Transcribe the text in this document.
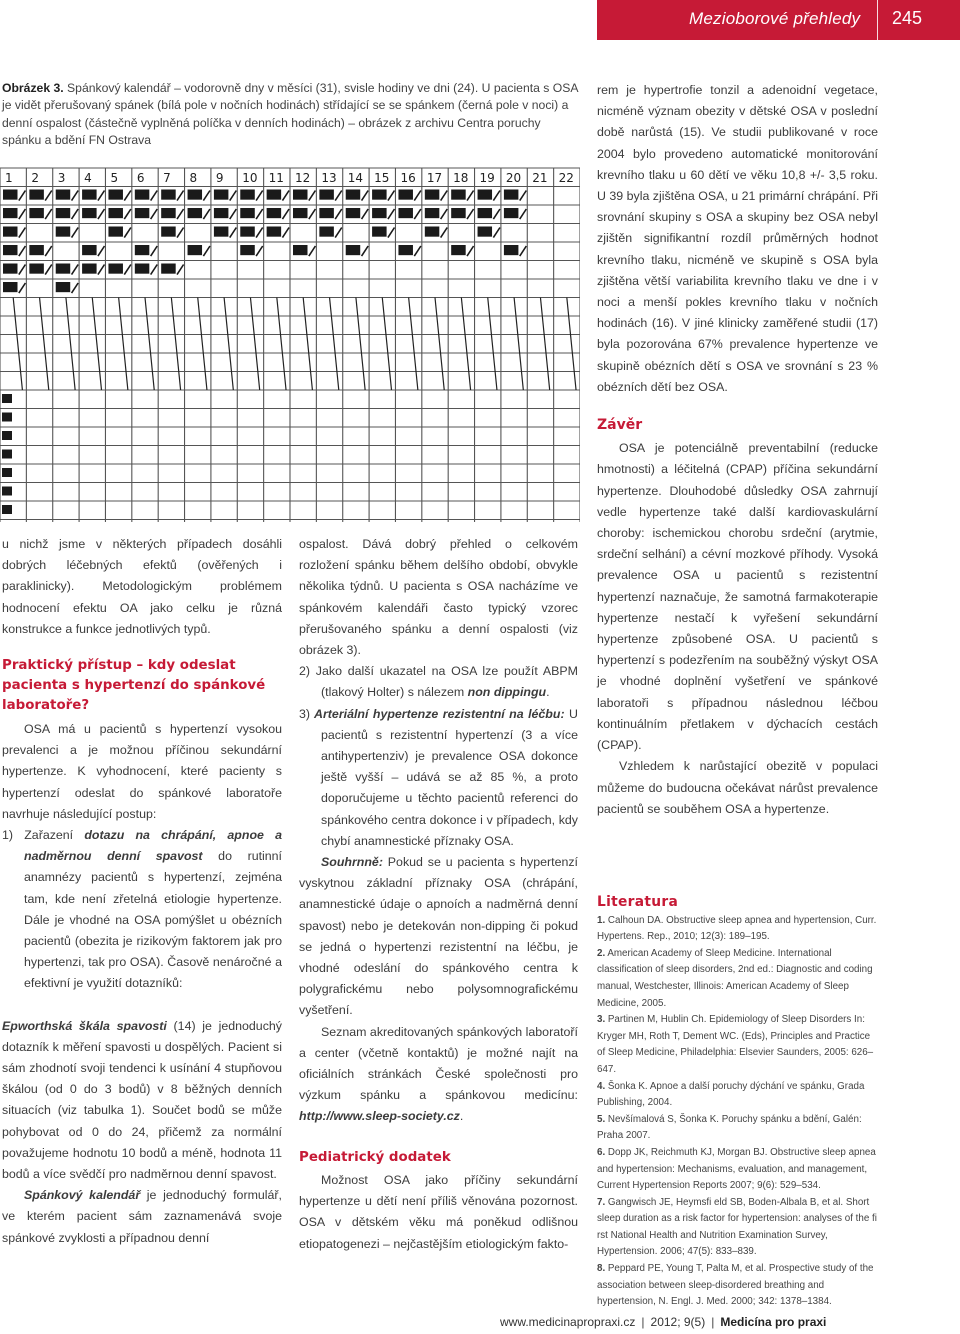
Mezioborové přehledy	245
Obrázek 3. Spánkový kalendář – vodorovně dny v měsíci (31), svisle hodiny ve dni (24). U pacienta s OSA je vidět přerušovaný spánek (bílá pole v nočních hodinách) střídající se se spánkem (černá pole v noci) a denní ospalost (částečně vyplněná políčka v denních hodinách) – obrázek z archivu Centra poruchy spánku a bdění FN Ostrava
1 2 3 4 5 6 7 8 9 10 11 12 13 14 15 16 17 18 19 20 21 22

u nichž jsme v některých případech dosáhli dobrých léčebných efektů (ověřených i paraklinicky). Metodologickým problémem hodnocení efektu OA jako celku je různá konstrukce a funkce jednotlivých typů.

Praktický přístup – kdy odeslat pacienta s hypertenzí do spánkové laboratoře?

OSA má u pacientů s hypertenzí vysokou prevalenci a je možnou příčinou sekundární hypertenze. K vyhodnocení, které pacienty s hypertenzí odeslat do spánkové laboratoře navrhuje následující postup:

1) Zařazení dotazu na chrápání, apnoe a nadměrnou denní spavost do rutinní anamnézy pacientů s hypertenzí, zejména tam, kde není zřetelná etiologie hypertenze. Dále je vhodné na OSA pomýšlet u obézních pacientů (obezita je rizikovým faktorem jak pro hypertenzi, tak pro OSA). Časově nenáročné a efektivní je využití dotazníků:

Epworthská škála spavosti (14) je jednoduchý dotazník k měření spavosti u dospělých. Pacient si sám zhodnotí svoji tendenci k usínání 4 stupňovou škálou (od 0 do 3 bodů) v 8 běžných denních situacích (viz tabulka 1). Součet bodů se může pohybovat od 0 do 24, přičemž za normální považujeme hodnotu 10 bodů a méně, hodnota 11 bodů a více svědčí pro nadměrnou denní spavost.

Spánkový kalendář je jednoduchý formulář, ve kterém pacient sám zaznamenává svoje spánkové zvyklosti a případnou denní

ospalost. Dává dobrý přehled o celkovém rozložení spánku během delšího období, obvykle několika týdnů. U pacienta s OSA nacházíme ve spánkovém kalendáři často typický vzorec přerušovaného spánku a denní ospalosti (viz obrázek 3).

2) Jako další ukazatel na OSA lze použít ABPM (tlakový Holter) s nálezem non dippingu.

3) Arteriální hypertenze rezistentní na léčbu: U pacientů s rezistentní hypertenzí (3 a více antihypertenziv) je prevalence OSA dokonce ještě vyšší – udává se až 85 %, a proto doporučujeme u těchto pacientů referenci do spánkového centra dokonce i v případech, kdy chybí anamnestické příznaky OSA.

Souhrnně: Pokud se u pacienta s hypertenzí vyskytnou základní příznaky OSA (chrápání, anamnestické údaje o apnoích a nadměrná denní spavost) nebo je detekován non-dipping či pokud se jedná o hypertenzi rezistentní na léčbu, je vhodné odeslání do spánkového centra k polygrafickému nebo polysomnografickému vyšetření.

Seznam akreditovaných spánkových laboratoří a center (včetně kontaktů) je možné najít na oficiálních stránkách České společnosti pro výzkum spánku a spánkovou medicínu: http://www.sleep-society.cz.

Pediatrický dodatek

Možnost OSA jako příčiny sekundární hypertenze u dětí není příliš věnována pozornost. OSA v dětském věku má poněkud odlišnou etiopatogenezi – nejčastějším etiologickým fakto-

rem je hypertrofie tonzil a adenoidní vegetace, nicméně význam obezity v dětské OSA v poslední době narůstá (15). Ve studii publikované v roce 2004 bylo provedeno automatické monitorování krevního tlaku u 60 dětí ve věku 10,8 +/- 3,5 roku. U 39 byla zjištěna OSA, u 21 primární chrápání. Při srovnání skupiny s OSA a skupiny bez OSA nebyl zjištěn signifikantní rozdíl průměrných hodnot krevního tlaku, nicméně ve skupině s OSA byla zjištěna větší variabilita krevního tlaku ve dne i v noci a menší pokles krevního tlaku v nočních hodinách (16). V jiné klinicky zaměřené studii (17) byla pozorována 67% prevalence hypertenze ve skupině obézních dětí s OSA ve srovnání s 23 % obézních dětí bez OSA.

Závěr

OSA je potenciálně preventabilní (reducke hmotnosti) a léčitelná (CPAP) příčina sekundární hypertenze. Dlouhodobé důsledky OSA zahrnují vedle hypertenze také další kardiovaskulární choroby: ischemickou chorobu srdeční (arytmie, srdeční selhání) a cévní mozkové příhody. Vysoká prevalence OSA u pacientů s rezistentní hypertenzí naznačuje, že samotná farmakoterapie hypertenze nestačí k vyřešení sekundární hypertenze způsobené OSA. U pacientů s hypertenzí s podezřením na souběžný výskyt OSA je vhodné doplnění vyšetření ve spánkové laboratoři s případnou následnou léčbou kontinuálním přetlakem v dýchacích cestách (CPAP).

Vzhledem k narůstající obezitě v populaci můžeme do budoucna očekávat nárůst prevalence pacientů se souběhem OSA a hypertenze.

Literatura

1. Calhoun DA. Obstructive sleep apnea and hypertension, Curr. Hypertens. Rep., 2010; 12(3): 189–195.

2. American Academy of Sleep Medicine. International classification of sleep disorders, 2nd ed.: Diagnostic and coding manual, Westchester, Illinois: American Academy of Sleep Medicine, 2005.

3. Partinen M, Hublin Ch. Epidemiology of Sleep Disorders In: Kryger MH, Roth T, Dement WC. (Eds), Principles and Practice of Sleep Medicine, Philadelphia: Elsevier Saunders, 2005: 626–647.

4. Šonka K. Apnoe a další poruchy dýchání ve spánku, Grada Publishing, 2004.

5. Nevšímalová S, Šonka K. Poruchy spánku a bdění, Galén: Praha 2007.

6. Dopp JK, Reichmuth KJ, Morgan BJ. Obstructive sleep apnea and hypertension: Mechanisms, evaluation, and management, Current Hypertension Reports 2007; 9(6): 529–534.

7. Gangwisch JE, Heymsfi eld SB, Boden-Albala B, et al. Short sleep duration as a risk factor for hypertension: analyses of the fi rst National Health and Nutrition Examination Survey, Hypertension. 2006; 47(5): 833–839.

8. Peppard PE, Young T, Palta M, et al. Prospective study of the association between sleep-disordered breathing and hypertension, N. Engl. J. Med. 2000; 342: 1378–1384.

www.medicinapropraxi.cz | 2012; 9(5) | Medicína pro praxi
